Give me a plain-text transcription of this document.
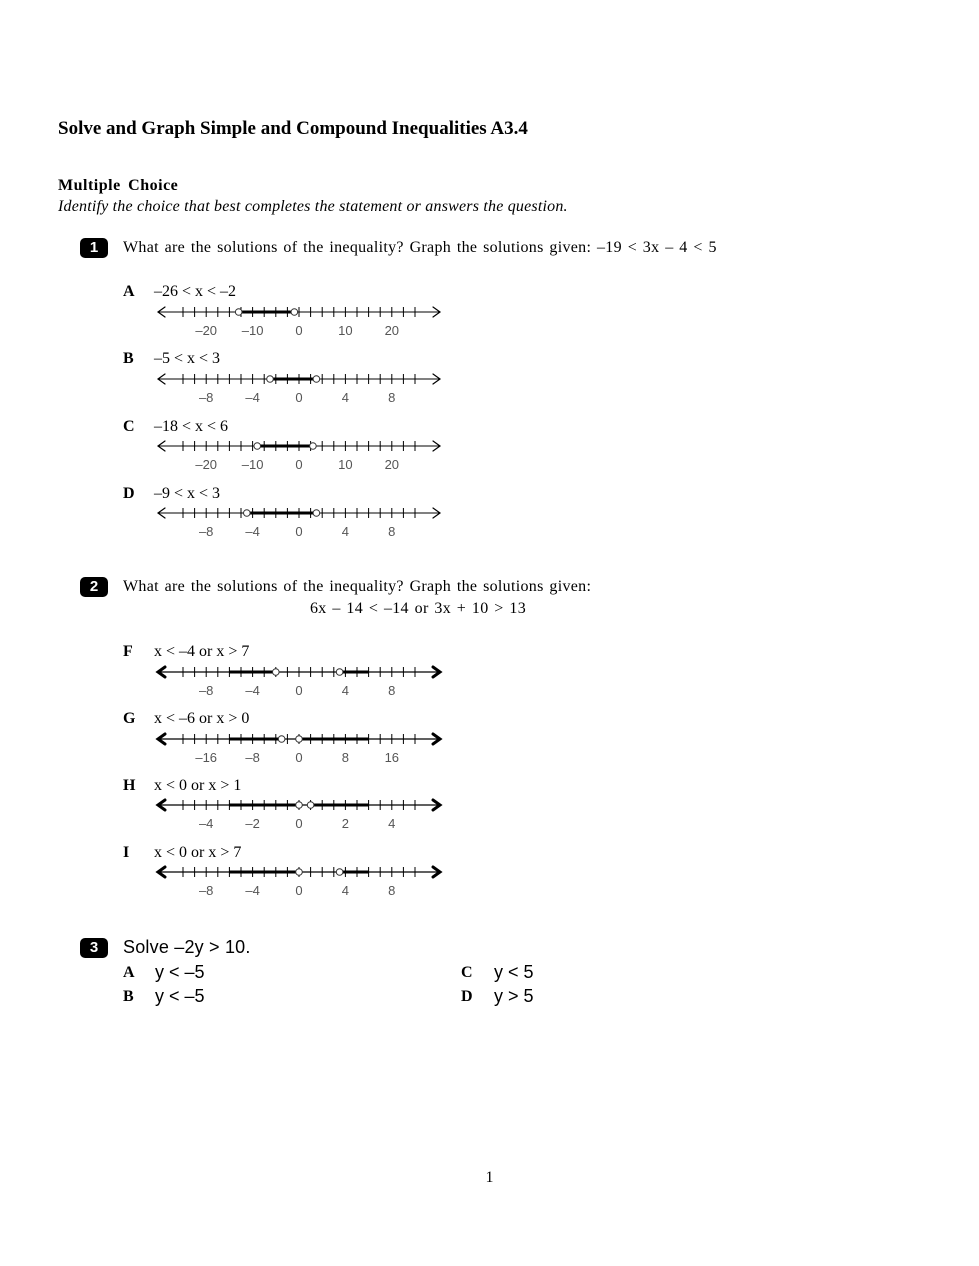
Solve and Graph Simple and Compound Inequalities A3.4
Multiple Choice
Identify the choice that best completes the statement or answers the question.
1	What are the solutions of the inequality? Graph the solutions given: –19 < 3x – 4 < 5
A –26 < x < –2
–20 –10 0	10 20
B –5 < x < 3
–8 –4	0	4	8
C –18 < x < 6
–20 –10 0	10 20
D –9 < x < 3
–8 –4	0	4	8
2	What are the solutions of the inequality? Graph the solutions given:
6x – 14 < –14 or 3x + 10 > 13
F x < –4 or x > 7
–8 –4	0	4	8
G x < –6 or x > 0
–16 –8	0	8	16
H x < 0 or x > 1
–4 –2	0	2	4
I x < 0 or x > 7
–8 –4	0	4	8
3	Solve –2y > 10.
A y < –5
B y < –5
C y < 5
D y > 5
1
